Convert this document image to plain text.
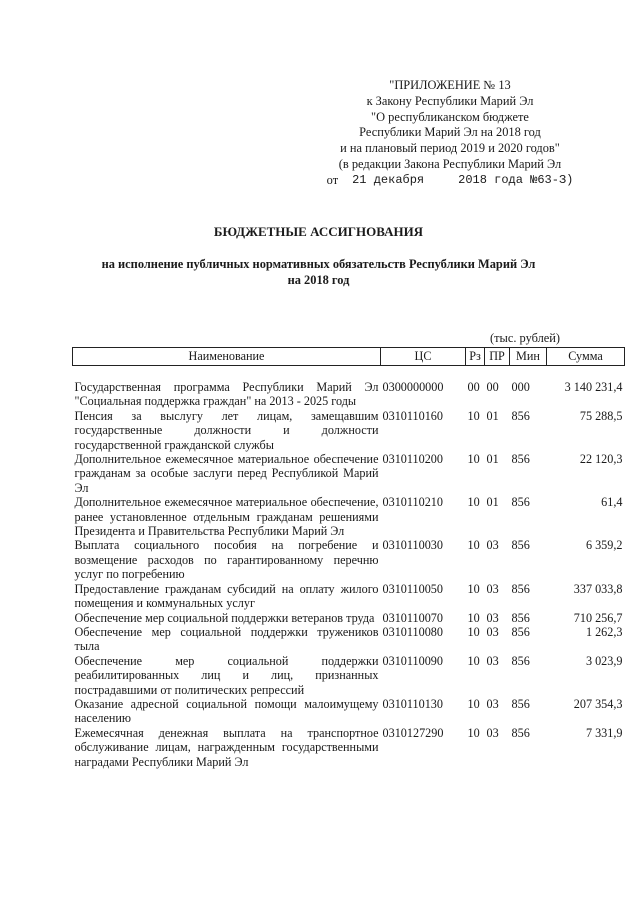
"ПРИЛОЖЕНИЕ № 13
к Закону Республики Марий Эл
"О республиканском бюджете
Республики Марий Эл на 2018 год
и на плановый период 2019 и 2020 годов"
(в редакции Закона Республики Марий Эл
от 21 декабря	2018 года №63-З)
БЮДЖЕТНЫЕ АССИГНОВАНИЯ
на исполнение публичных нормативных обязательств Республики Марий Эл
на 2018 год
(тыс. рублей)
Наименование	ЦС	Рз	ПР	Мин	Сумма

Государственная программа Республики Марий Эл "Социальная поддержка граждан" на 2013 - 2025 годы	0300000000	00	00	000	3 140 231,4
Пенсия за выслугу лет лицам, замещавшим государственные должности и должности государственной гражданской службы	0310110160	10	01	856	75 288,5
Дополнительное ежемесячное материальное обеспечение гражданам за особые заслуги перед Республикой Марий Эл	0310110200	10	01	856	22 120,3
Дополнительное ежемесячное материальное обеспечение, ранее установленное отдельным гражданам решениями Президента и Правительства Республики Марий Эл	0310110210	10	01	856	61,4
Выплата социального пособия на погребение и возмещение расходов по гарантированному перечню услуг по погребению	0310110030	10	03	856	6 359,2
Предоставление гражданам субсидий на оплату жилого помещения и коммунальных услуг	0310110050	10	03	856	337 033,8
Обеспечение мер социальной поддержки ветеранов труда	0310110070	10	03	856	710 256,7
Обеспечение мер социальной поддержки тружеников тыла	0310110080	10	03	856	1 262,3
Обеспечение мер социальной поддержки реабилитированных лиц и лиц, признанных пострадавшими от политических репрессий	0310110090	10	03	856	3 023,9
Оказание адресной социальной помощи малоимущему населению	0310110130	10	03	856	207 354,3
Ежемесячная денежная выплата на транспортное обслуживание лицам, награжденным государственными наградами Республики Марий Эл	0310127290	10	03	856	7 331,9
